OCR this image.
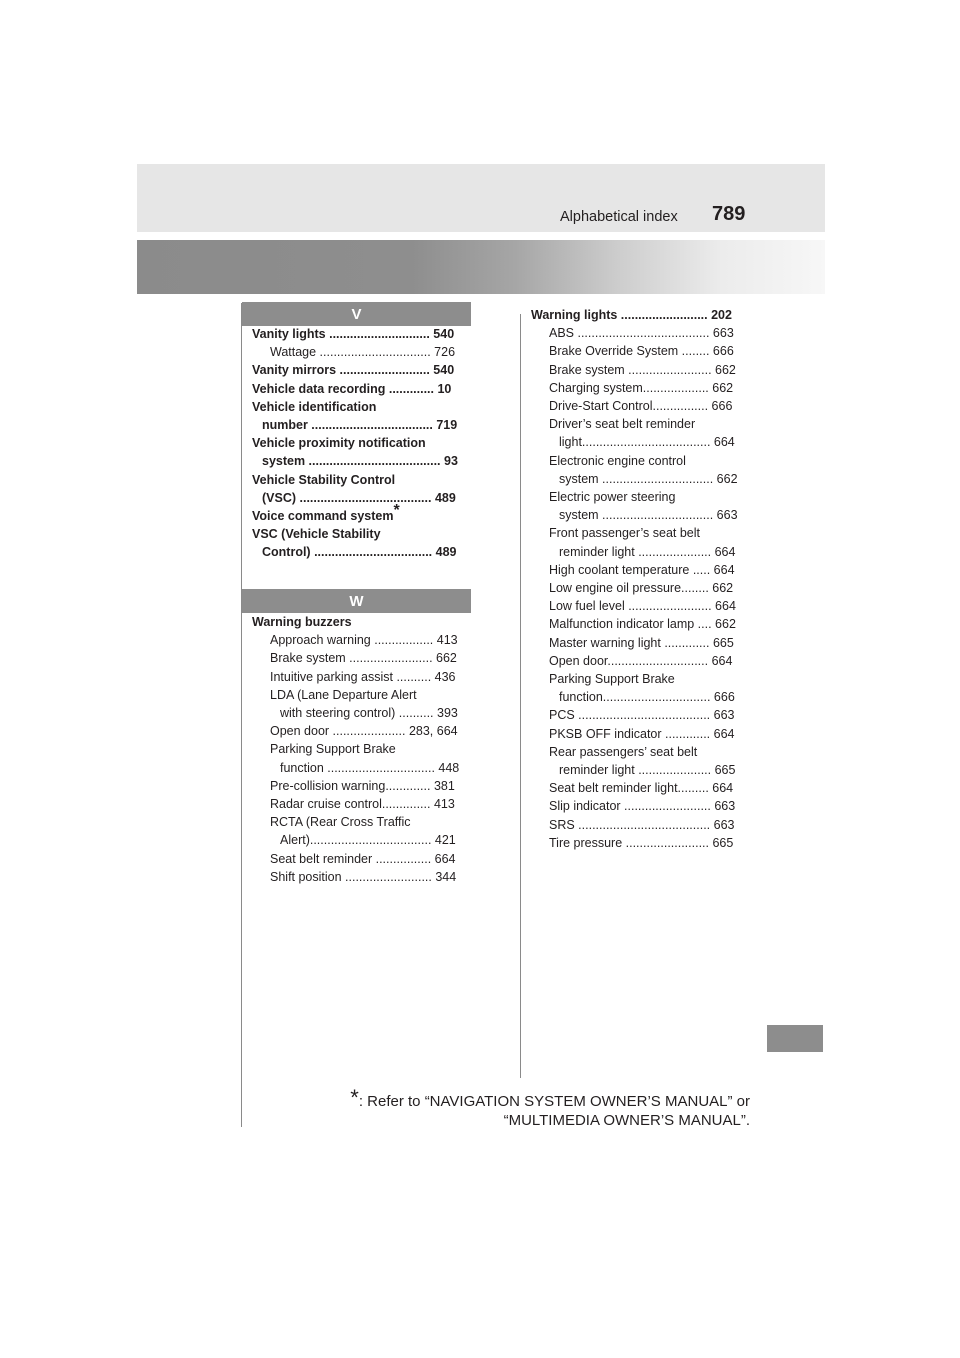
Alphabetical index 789
V
Vanity lights ............................. 540
Wattage ................................ 726
Vanity mirrors .......................... 540
Vehicle data recording ............. 10
Vehicle identification
number ................................... 719
Vehicle proximity notification
system ...................................... 93
Vehicle Stability Control
(VSC) ...................................... 489
Voice command system*
VSC (Vehicle Stability
Control) .................................. 489
W
Warning buzzers
Approach warning ................. 413
Brake system ........................ 662
Intuitive parking assist .......... 436
LDA (Lane Departure Alert
with steering control) .......... 393
Open door ..................... 283, 664
Parking Support Brake
function ............................... 448
Pre-collision warning............. 381
Radar cruise control.............. 413
RCTA (Rear Cross Traffic
Alert)................................... 421
Seat belt reminder ................ 664
Shift position ......................... 344
Warning lights ......................... 202
ABS ...................................... 663
Brake Override System ........ 666
Brake system ........................ 662
Charging system................... 662
Drive-Start Control................ 666
Driver’s seat belt reminder
light..................................... 664
Electronic engine control
system ................................ 662
Electric power steering
system ................................ 663
Front passenger’s seat belt
reminder light ..................... 664
High coolant temperature ..... 664
Low engine oil pressure........ 662
Low fuel level ........................ 664
Malfunction indicator lamp .... 662
Master warning light ............. 665
Open door............................. 664
Parking Support Brake
function............................... 666
PCS ...................................... 663
PKSB OFF indicator ............. 664
Rear passengers’ seat belt
reminder light ..................... 665
Seat belt reminder light......... 664
Slip indicator ......................... 663
SRS ...................................... 663
Tire pressure ........................ 665
*: Refer to “NAVIGATION SYSTEM OWNER’S MANUAL” or
“MULTIMEDIA OWNER’S MANUAL”.
